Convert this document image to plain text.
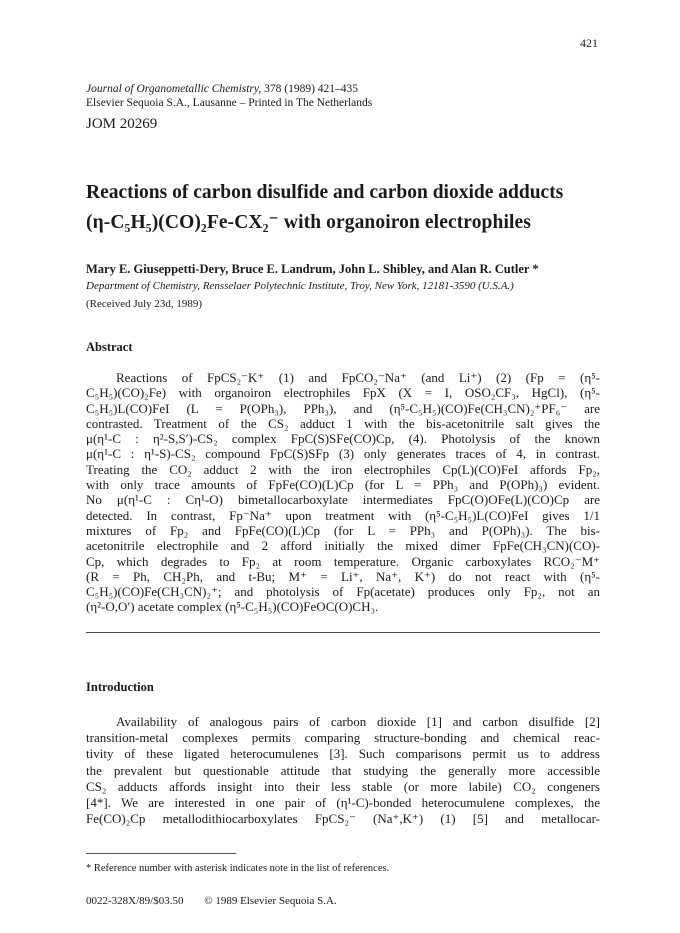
421
Journal of Organometallic Chemistry, 378 (1989) 421–435
Elsevier Sequoia S.A., Lausanne – Printed in The Netherlands
JOM 20269
Reactions of carbon disulfide and carbon dioxide adducts
(η-C₅H₅)(CO)₂Fe-CX₂⁻ with organoiron electrophiles
Mary E. Giuseppetti-Dery, Bruce E. Landrum, John L. Shibley, and Alan R. Cutler *
Department of Chemistry, Rensselaer Polytechnic Institute, Troy, New York, 12181-3590 (U.S.A.)
(Received July 23d, 1989)
Abstract
Reactions of FpCS₂⁻K⁺ (1) and FpCO₂⁻Na⁺ (and Li⁺) (2) (Fp = (η⁵-
C₅H₅)(CO)₂Fe) with organoiron electrophiles FpX (X = I, OSO₂CF₃, HgCl), (η⁵-
C₅H₅)L(CO)FeI (L = P(OPh₃), PPh₃), and (η⁵-C₅H₅)(CO)Fe(CH₃CN)₂⁺PF₆⁻ are
contrasted. Treatment of the CS₂ adduct 1 with the bis-acetonitrile salt gives the
μ(η¹-C : η²-S,S′)-CS₂ complex FpC(S)SFe(CO)Cp, (4). Photolysis of the known
μ(η¹-C : η¹-S)-CS₂ compound FpC(S)SFp (3) only generates traces of 4, in contrast.
Treating the CO₂ adduct 2 with the iron electrophiles Cp(L)(CO)FeI affords Fp₂,
with only trace amounts of FpFe(CO)(L)Cp (for L = PPh₃ and P(OPh)₃) evident.
No μ(η¹-C : Cη¹-O) bimetallocarboxylate intermediates FpC(O)OFe(L)(CO)Cp are
detected. In contrast, Fp⁻Na⁺ upon treatment with (η⁵-C₅H₅)L(CO)FeI gives 1/1
mixtures of Fp₂ and FpFe(CO)(L)Cp (for L = PPh₃ and P(OPh)₃). The bis-
acetonitrile electrophile and 2 afford initially the mixed dimer FpFe(CH₃CN)(CO)-
Cp, which degrades to Fp₂ at room temperature. Organic carboxylates RCO₂⁻M⁺
(R = Ph, CH₂Ph, and t-Bu; M⁺ = Li⁺, Na⁺, K⁺) do not react with (η⁵-
C₅H₅)(CO)Fe(CH₃CN)₂⁺; and photolysis of Fp(acetate) produces only Fp₂, not an
(η²-O,O′) acetate complex (η⁵-C₅H₅)(CO)FeOC(O)CH₃.
Introduction
Availability of analogous pairs of carbon dioxide [1] and carbon disulfide [2]
transition-metal complexes permits comparing structure-bonding and chemical reac-
tivity of these ligated heterocumulenes [3]. Such comparisons permit us to address
the prevalent but questionable attitude that studying the generally more accessible
CS₂ adducts affords insight into their less stable (or more labile) CO₂ congeners
[4*]. We are interested in one pair of (η¹-C)-bonded heterocumulene complexes, the
Fe(CO)₂Cp metallodithiocarboxylates FpCS₂⁻ (Na⁺,K⁺) (1) [5] and metallocar-
* Reference number with asterisk indicates note in the list of references.
0022-328X/89/$03.50 © 1989 Elsevier Sequoia S.A.
